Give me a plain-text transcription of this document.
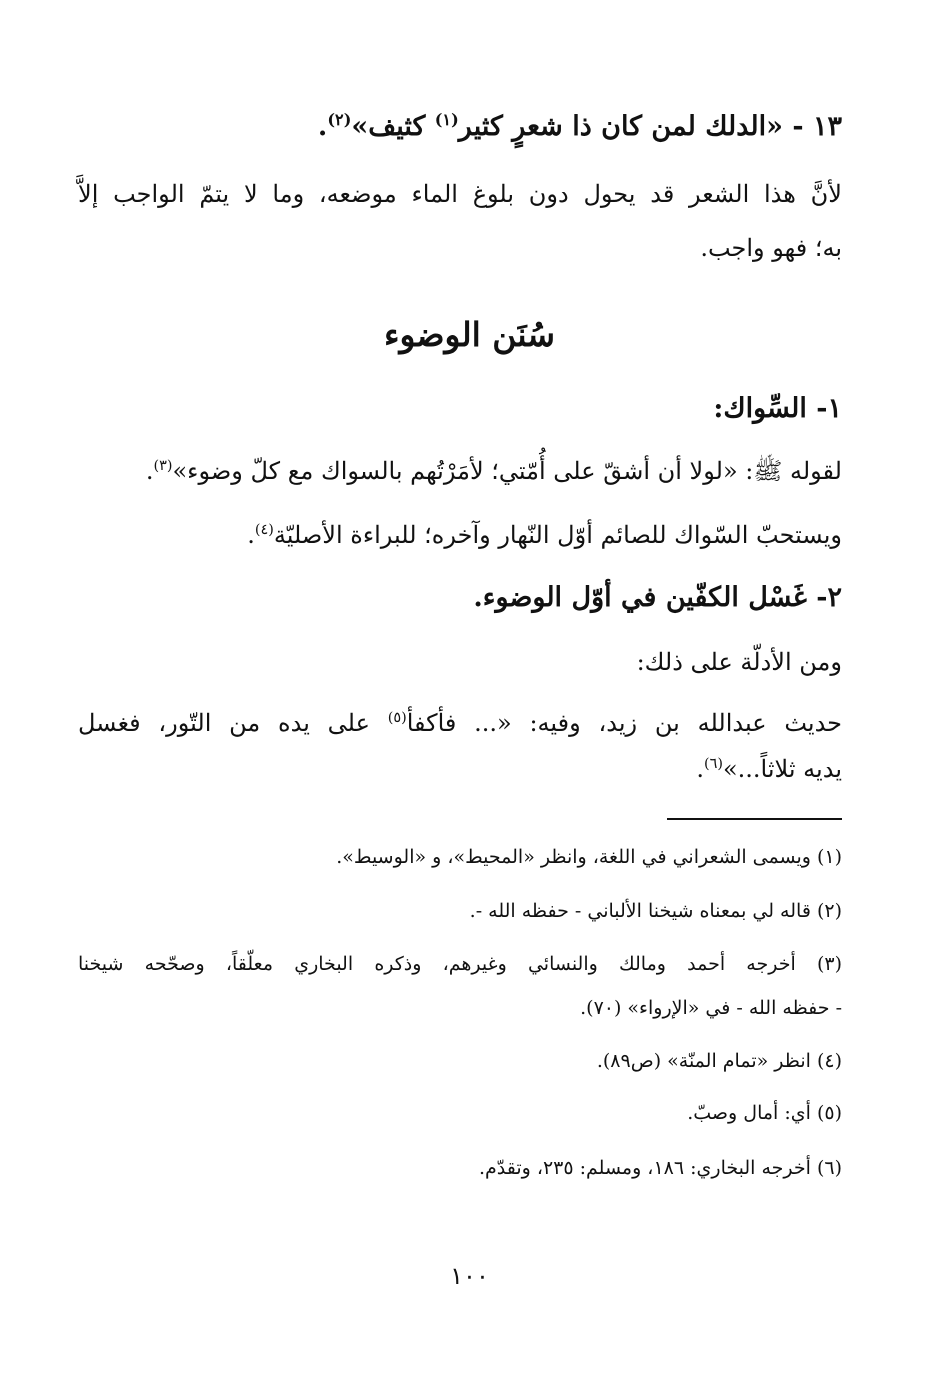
١٣ - «الدلك لمن كان ذا شعرٍ كثير$^{(١)}$ كثيف»$^{(٢)}$.

لأنَّ هذا الشعر قد يحول دون بلوغ الماء موضعه، وما لا يتمّ الواجب إلاَّ

به؛ فهو واجب.

سُنَن الوضوء

١- السِّواك:

لقوله ﷺ: «لولا أن أشقّ على أُمّتي؛ لأمَرْتُهم بالسواك مع كلّ وضوء»$^{(٣)}$.

ويستحبّ السّواك للصائم أوّل النّهار وآخره؛ للبراءة الأصليّة$^{(٤)}$.

٢- غَسْل الكفّين في أوّل الوضوء.

ومن الأدلّة على ذلك:

حديث عبدالله بن زيد، وفيه: «... فأكفأ$^{(٥)}$ على يده من التّور، فغسل

يديه ثلاثاً...»$^{(٦)}$.

(١) ويسمى الشعراني في اللغة، وانظر «المحيط»، و «الوسيط».

(٢) قاله لي بمعناه شيخنا الألباني - حفظه الله -.

(٣) أخرجه أحمد ومالك والنسائي وغيرهم، وذكره البخاري معلّقاً، وصحّحه شيخنا

- حفظه الله - في «الإرواء» (٧٠).

(٤) انظر «تمام المنّة» (ص٨٩).

(٥) أي: أمال وصبّ.

(٦) أخرجه البخاري: ١٨٦، ومسلم: ٢٣٥، وتقدّم.

١٠٠
